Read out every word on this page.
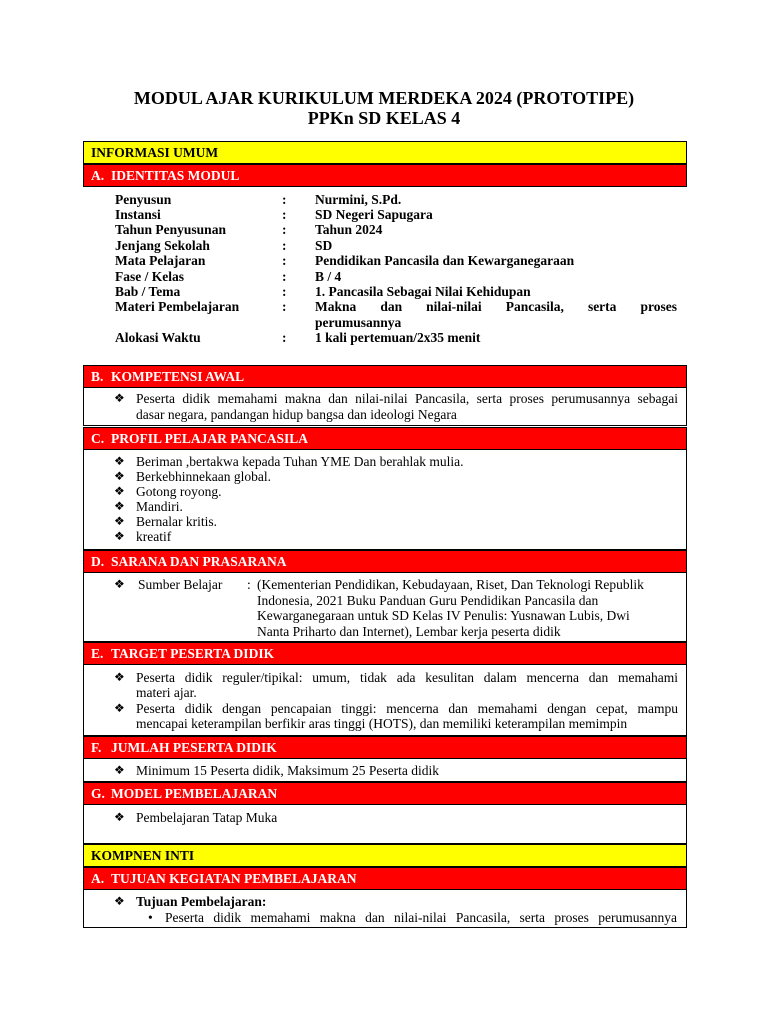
MODUL AJAR KURIKULUM MERDEKA 2024 (PROTOTIPE)
PPKn SD KELAS 4
INFORMASI UMUM
A. IDENTITAS MODUL
Penyusun	: Nurmini, S.Pd.
Instansi	: SD Negeri Sapugara
Tahun Penyusunan	: Tahun 2024
Jenjang Sekolah	: SD
Mata Pelajaran	: Pendidikan Pancasila dan Kewarganegaraan
Fase / Kelas	: B / 4
Bab / Tema	: 1. Pancasila Sebagai Nilai Kehidupan
Materi Pembelajaran	: Makna dan nilai-nilai Pancasila, serta proses
perumusannya
Alokasi Waktu	: 1 kali pertemuan/2x35 menit
B. KOMPETENSI AWAL
❖ Peserta didik memahami makna dan nilai-nilai Pancasila, serta proses perumusannya sebagai
dasar negara, pandangan hidup bangsa dan ideologi Negara
C. PROFIL PELAJAR PANCASILA
❖ Beriman ,bertakwa kepada Tuhan YME Dan berahlak mulia.
❖ Berkebhinnekaan global.
❖ Gotong royong.
❖ Mandiri.
❖ Bernalar kritis.
❖ kreatif
D. SARANA DAN PRASARANA
❖ Sumber Belajar : (Kementerian Pendidikan, Kebudayaan, Riset, Dan Teknologi Republik
Indonesia, 2021 Buku Panduan Guru Pendidikan Pancasila dan
Kewarganegaraan untuk SD Kelas IV Penulis: Yusnawan Lubis, Dwi
Nanta Priharto dan Internet), Lembar kerja peserta didik
E. TARGET PESERTA DIDIK
❖ Peserta didik reguler/tipikal: umum, tidak ada kesulitan dalam mencerna dan memahami
materi ajar.
❖ Peserta didik dengan pencapaian tinggi: mencerna dan memahami dengan cepat, mampu
mencapai keterampilan berfikir aras tinggi (HOTS), dan memiliki keterampilan memimpin
F. JUMLAH PESERTA DIDIK
❖ Minimum 15 Peserta didik, Maksimum 25 Peserta didik
G. MODEL PEMBELAJARAN
❖ Pembelajaran Tatap Muka
KOMPNEN INTI
A. TUJUAN KEGIATAN PEMBELAJARAN
❖ Tujuan Pembelajaran:
• Peserta didik memahami makna dan nilai-nilai Pancasila, serta proses perumusannya
